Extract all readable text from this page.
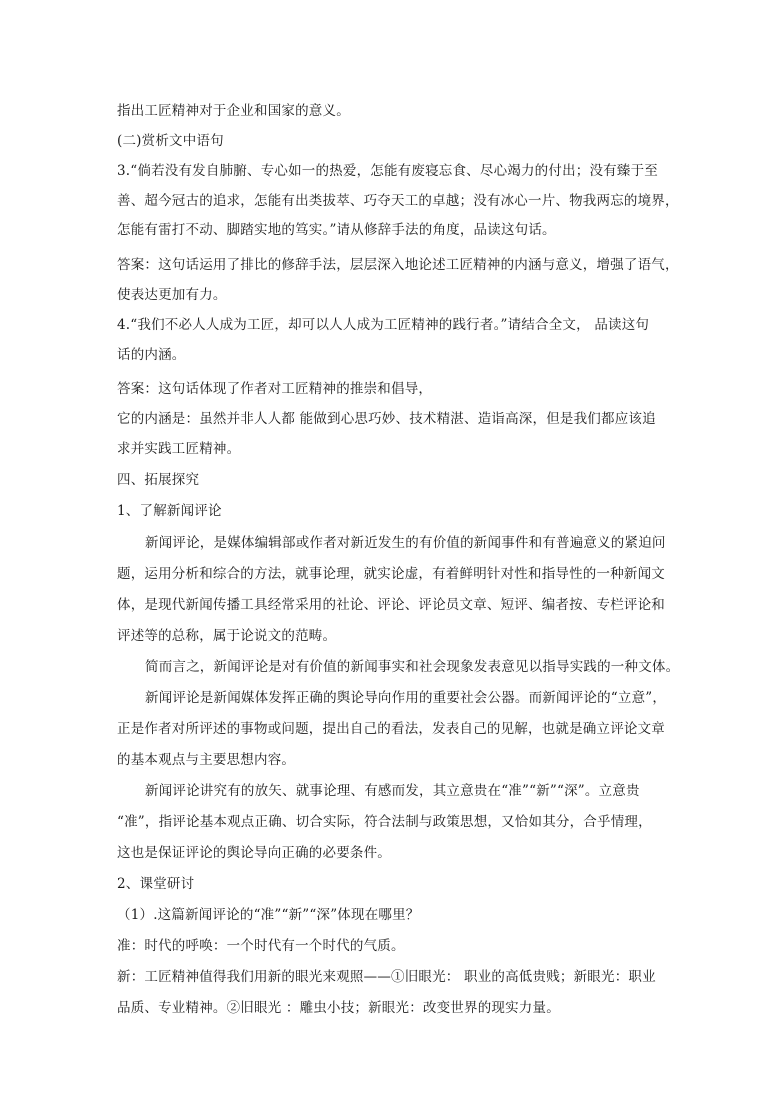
指出工匠精神对于企业和国家的意义。
(二)赏析文中语句
3.“倘若没有发自肺腑、专心如一的热爱，怎能有废寝忘食、尽心竭力的付出；没有臻于至
善、超今冠古的追求，怎能有出类拔萃、巧夺天工的卓越；没有冰心一片、物我两忘的境界，
怎能有雷打不动、脚踏实地的笃实。”请从修辞手法的角度，品读这句话。
答案：这句话运用了排比的修辞手法，层层深入地论述工匠精神的内涵与意义，增强了语气，
使表达更加有力。
4.“我们不必人人成为工匠，却可以人人成为工匠精神的践行者。”请结合全文， 品读这句
话的内涵。
答案：这句话体现了作者对工匠精神的推崇和倡导，
它的内涵是：虽然并非人人都 能做到心思巧妙、技术精湛、造诣高深，但是我们都应该追
求并实践工匠精神。
四、拓展探究
1、了解新闻评论
新闻评论，是媒体编辑部或作者对新近发生的有价值的新闻事件和有普遍意义的紧迫问
题，运用分析和综合的方法，就事论理，就实论虚，有着鲜明针对性和指导性的一种新闻文
体，是现代新闻传播工具经常采用的社论、评论、评论员文章、短评、编者按、专栏评论和
评述等的总称，属于论说文的范畴。
简而言之，新闻评论是对有价值的新闻事实和社会现象发表意见以指导实践的一种文体。
新闻评论是新闻媒体发挥正确的舆论导向作用的重要社会公器。而新闻评论的“立意”，
正是作者对所评述的事物或问题，提出自己的看法，发表自己的见解，也就是确立评论文章
的基本观点与主要思想内容。
新闻评论讲究有的放矢、就事论理、有感而发，其立意贵在“准”“新”“深”。立意贵
“准”，指评论基本观点正确、切合实际，符合法制与政策思想，又恰如其分，合乎情理，
这也是保证评论的舆论导向正确的必要条件。
2、课堂研讨
（1）.这篇新闻评论的“准”“新”“深”体现在哪里？
准：时代的呼唤：一个时代有一个时代的气质。
新：工匠精神值得我们用新的眼光来观照——①旧眼光： 职业的高低贵贱；新眼光：职业
品质、专业精神。②旧眼光 ：雕虫小技；新眼光：改变世界的现实力量。
